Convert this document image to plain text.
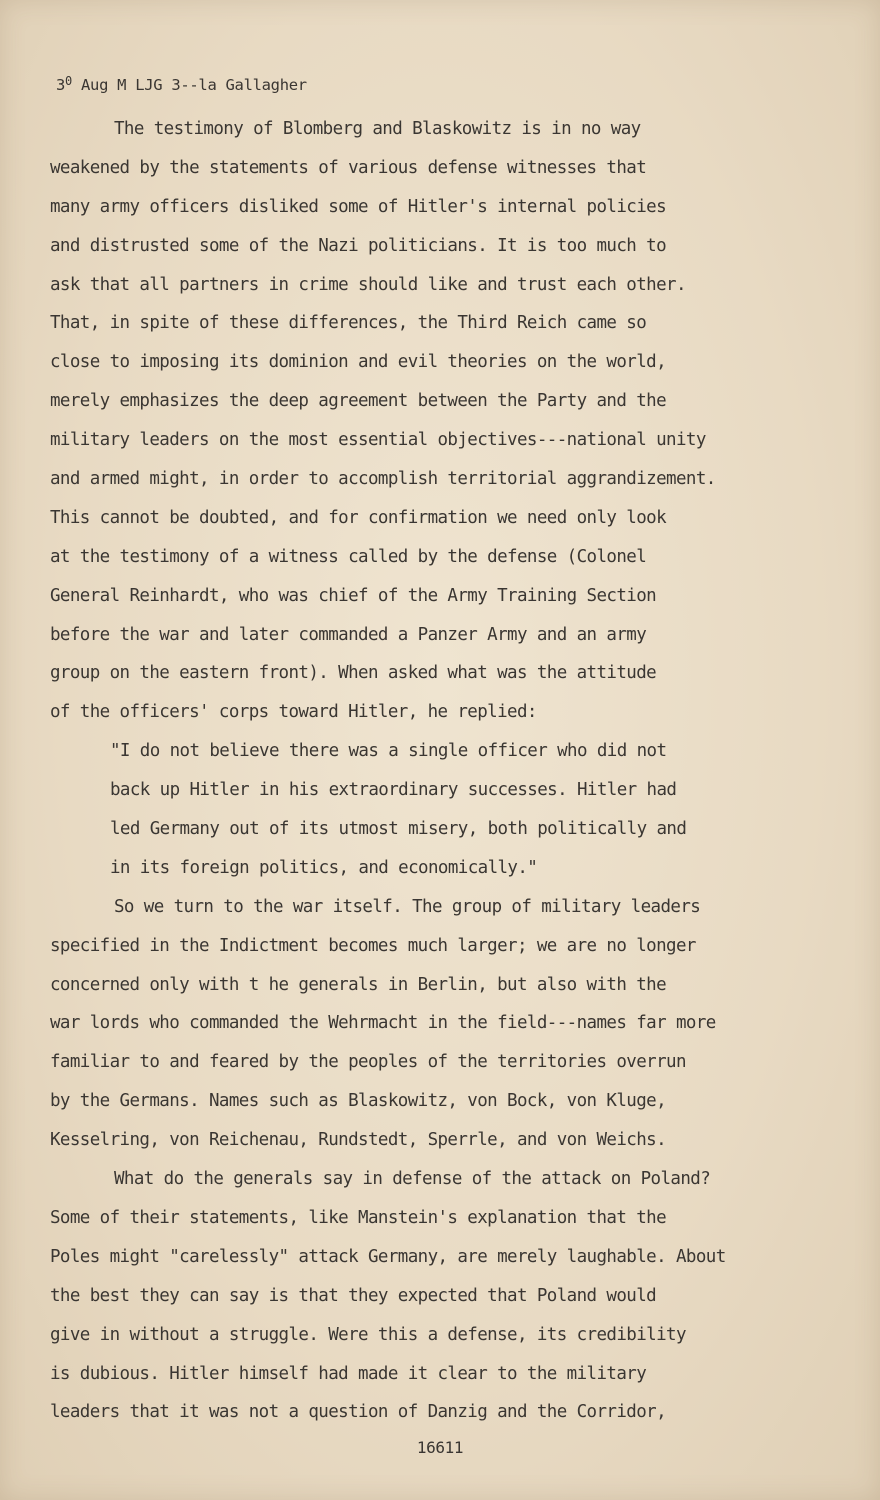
$3^0$ Aug M LJG 3--la Gallagher
The testimony of Blomberg and Blaskowitz is in no way
weakened by the statements of various defense witnesses that
many army officers disliked some of Hitler's internal policies
and distrusted some of the Nazi politicians. It is too much to
ask that all partners in crime should like and trust each other.
That, in spite of these differences, the Third Reich came so
close to imposing its dominion and evil theories on the world,
merely emphasizes the deep agreement between the Party and the
military leaders on the most essential objectives---national unity
and armed might, in order to accomplish territorial aggrandizement.
This cannot be doubted, and for confirmation we need only look
at the testimony of a witness called by the defense (Colonel
General Reinhardt, who was chief of the Army Training Section
before the war and later commanded a Panzer Army and an army
group on the eastern front). When asked what was the attitude
of the officers' corps toward Hitler, he replied:
"I do not believe there was a single officer who did not
back up Hitler in his extraordinary successes. Hitler had
led Germany out of its utmost misery, both politically and
in its foreign politics, and economically."
So we turn to the war itself. The group of military leaders
specified in the Indictment becomes much larger; we are no longer
concerned only with t he generals in Berlin, but also with the
war lords who commanded the Wehrmacht in the field---names far more
familiar to and feared by the peoples of the territories overrun
by the Germans. Names such as Blaskowitz, von Bock, von Kluge,
Kesselring, von Reichenau, Rundstedt, Sperrle, and von Weichs.
What do the generals say in defense of the attack on Poland?
Some of their statements, like Manstein's explanation that the
Poles might "carelessly" attack Germany, are merely laughable. About
the best they can say is that they expected that Poland would
give in without a struggle. Were this a defense, its credibility
is dubious. Hitler himself had made it clear to the military
leaders that it was not a question of Danzig and the Corridor,
16611
